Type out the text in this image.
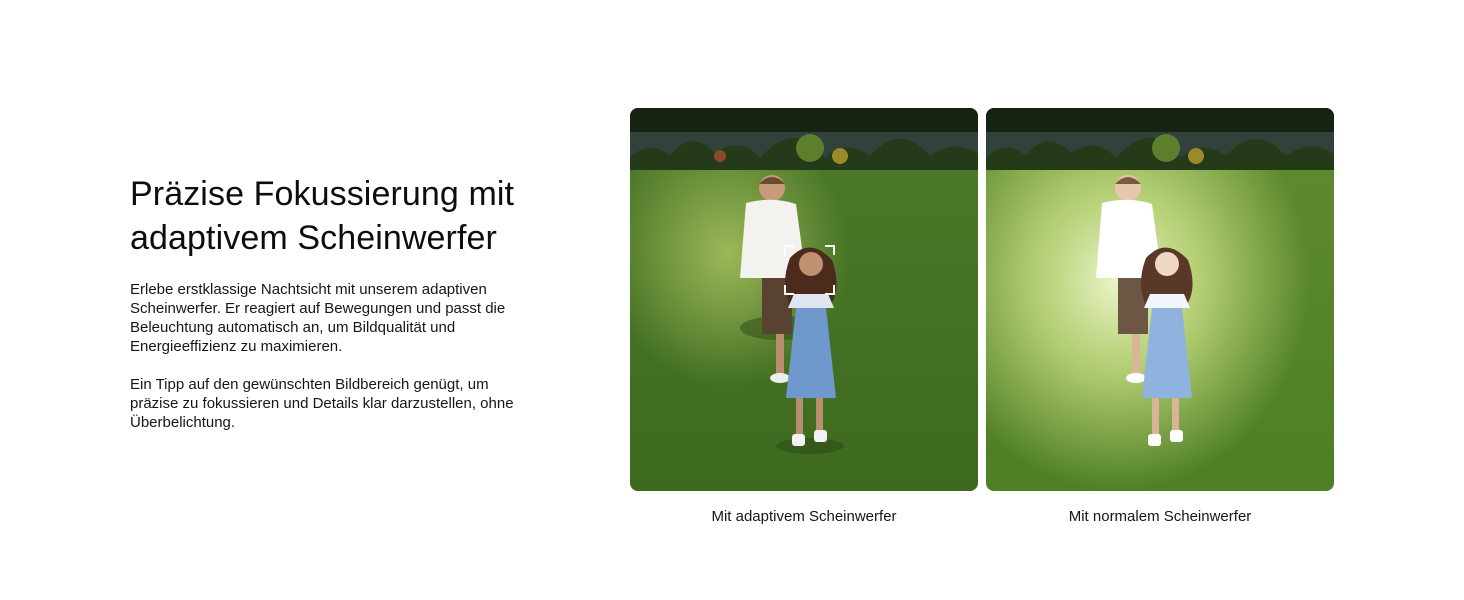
Präzise Fokussierung mit adaptivem Scheinwerfer

Erlebe erstklassige Nachtsicht mit unserem adaptiven Scheinwerfer. Er reagiert auf Bewegungen und passt die Beleuchtung automatisch an, um Bildqualität und Energieeffizienz zu maximieren.

Ein Tipp auf den gewünschten Bildbereich genügt, um präzise zu fokussieren und Details klar darzustellen, ohne Überbelichtung.

Mit adaptivem Scheinwerfer	Mit normalem Scheinwerfer
